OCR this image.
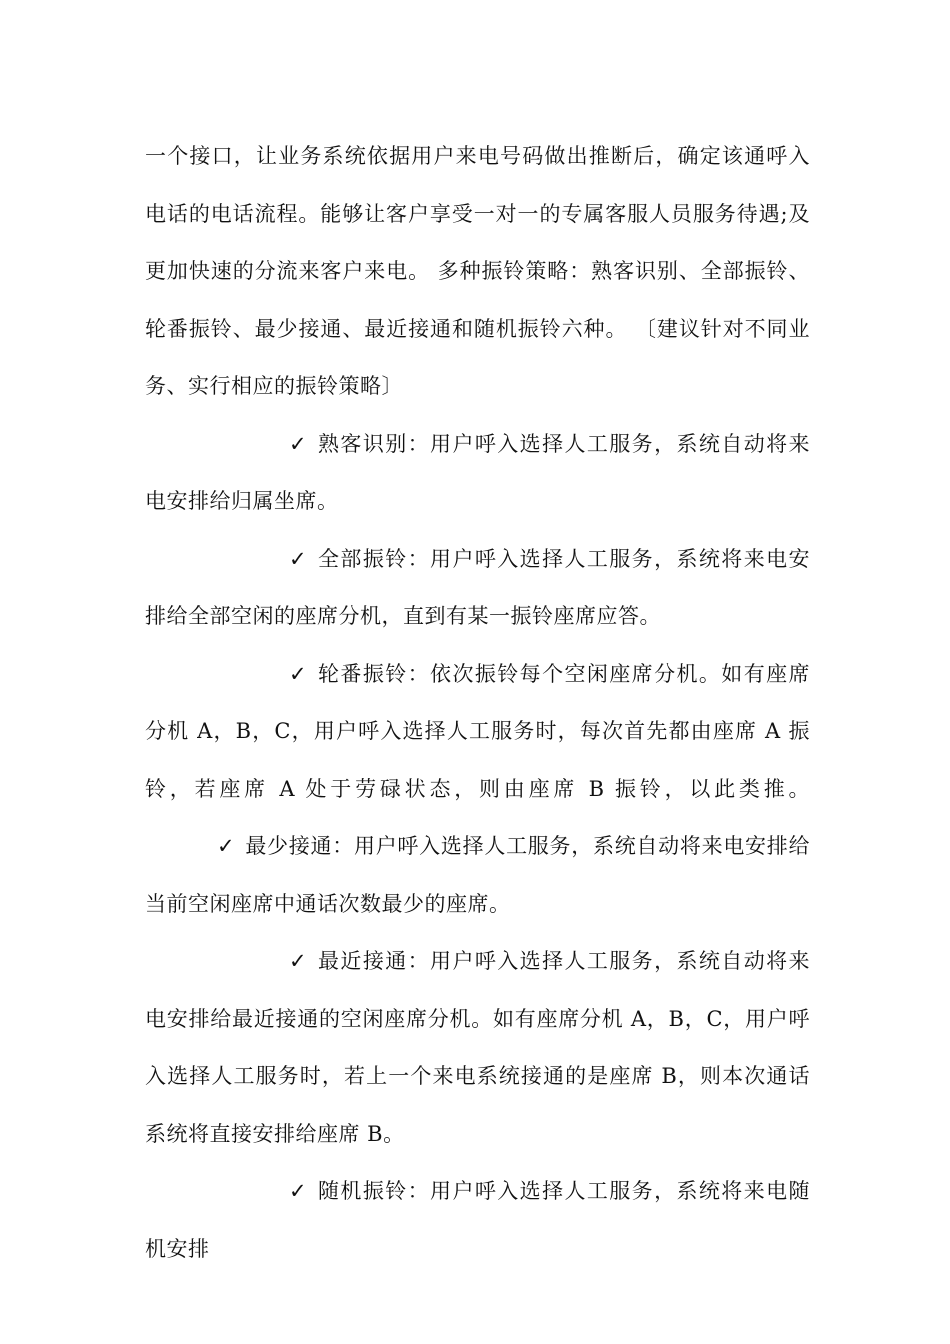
一个接口，让业务系统依据用户来电号码做出推断后，确定该通呼入电话的电话流程。能够让客户享受一对一的专属客服人员服务待遇;及更加快速的分流来客户来电。 多种振铃策略：熟客识别、全部振铃、轮番振铃、最少接通、最近接通和随机振铃六种。 〔建议针对不同业务、实行相应的振铃策略〕

✓ 熟客识别：用户呼入选择人工服务，系统自动将来电安排给归属坐席。

✓ 全部振铃：用户呼入选择人工服务，系统将来电安排给全部空闲的座席分机，直到有某一振铃座席应答。

✓ 轮番振铃：依次振铃每个空闲座席分机。如有座席分机 A，B，C，用户呼入选择人工服务时，每次首先都由座席 A 振铃，若座席 A 处于劳碌状态，则由座席 B 振铃，以此类推。 ✓ 最少接通：用户呼入选择人工服务，系统自动将来电安排给当前空闲座席中通话次数最少的座席。

✓ 最近接通：用户呼入选择人工服务，系统自动将来电安排给最近接通的空闲座席分机。如有座席分机 A，B，C，用户呼入选择人工服务时，若上一个来电系统接通的是座席 B，则本次通话系统将直接安排给座席 B。

✓ 随机振铃：用户呼入选择人工服务，系统将来电随机安排
